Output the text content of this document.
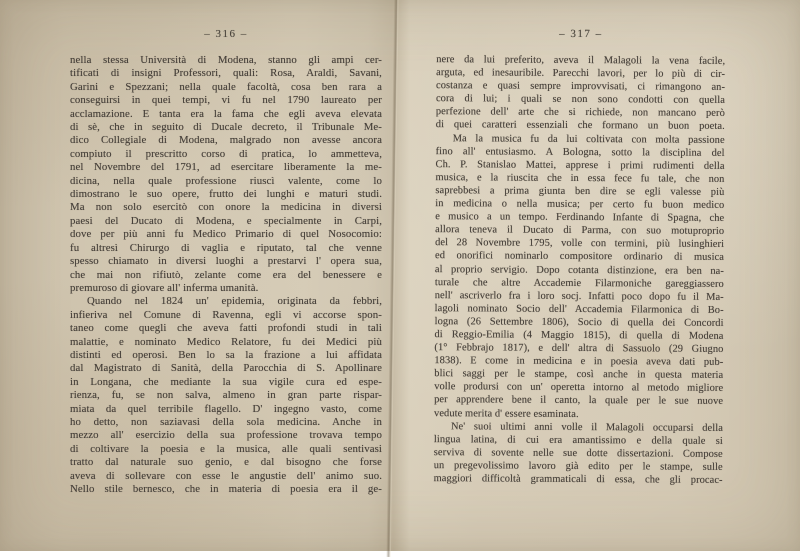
– 316 –
nella stessa Università di Modena, stanno gli ampi cer-
tificati di insigni Professori, quali: Rosa, Araldi, Savani,
Garini e Spezzani; nella quale facoltà, cosa ben rara a
conseguirsi in quei tempi, vi fu nel 1790 laureato per
acclamazione. E tanta era la fama che egli aveva elevata
di sè, che in seguito di Ducale decreto, il Tribunale Me-
dico Collegiale di Modena, malgrado non avesse ancora
compiuto il prescritto corso di pratica, lo ammetteva,
nel Novembre del 1791, ad esercitare liberamente la me-
dicina, nella quale professione riuscì valente, come lo
dimostrano le suo opere, frutto dei lunghi e maturi studi.
Ma non solo esercitò con onore la medicina in diversi
paesi del Ducato di Modena, e specialmente in Carpi,
dove per più anni fu Medico Primario di quel Nosocomio:
fu altresì Chirurgo di vaglia e riputato, tal che venne
spesso chiamato in diversi luoghi a prestarvi l' opera sua,
che mai non rifiutò, zelante come era del benessere e
premuroso di giovare all' inferma umanità.
Quando nel 1824 un' epidemia, originata da febbri,
infieriva nel Comune di Ravenna, egli vi accorse spon-
taneo come quegli che aveva fatti profondi studi in tali
malattie, e nominato Medico Relatore, fu dei Medici più
distinti ed operosi. Ben lo sa la frazione a lui affidata
dal Magistrato di Sanità, della Parocchia di S. Apollinare
in Longana, che mediante la sua vigile cura ed espe-
rienza, fu, se non salva, almeno in gran parte rispar-
miata da quel terribile flagello. D' ingegno vasto, come
ho detto, non saziavasi della sola medicina. Anche in
mezzo all' esercizio della sua professione trovava tempo
di coltivare la poesia e la musica, alle quali sentivasi
tratto dal naturale suo genio, e dal bisogno che forse
aveva di sollevare con esse le angustie dell' animo suo.
Nello stile bernesco, che in materia di poesia era il ge-
– 317 –
nere da lui preferito, aveva il Malagoli la vena facile,
arguta, ed inesauribile. Parecchi lavori, per lo più di cir-
costanza e quasi sempre improvvisati, ci rimangono an-
cora di lui; i quali se non sono condotti con quella
perfezione dell' arte che si richiede, non mancano però
di quei caratteri essenziali che formano un buon poeta.
Ma la musica fu da lui coltivata con molta passione
fino all' entusiasmo. A Bologna, sotto la disciplina del
Ch. P. Stanislao Mattei, apprese i primi rudimenti della
musica, e la riuscita che in essa fece fu tale, che non
saprebbesi a prima giunta ben dire se egli valesse più
in medicina o nella musica; per certo fu buon medico
e musico a un tempo. Ferdinando Infante di Spagna, che
allora teneva il Ducato di Parma, con suo motuproprio
del 28 Novembre 1795, volle con termini, più lusinghieri
ed onorifici nominarlo compositore ordinario di musica
al proprio servigio. Dopo cotanta distinzione, era ben na-
turale che altre Accademie Filarmoniche gareggiassero
nell' ascriverlo fra i loro socj. Infatti poco dopo fu il Ma-
lagoli nominato Socio dell' Accademia Filarmonica di Bo-
logna (26 Settembre 1806), Socio di quella dei Concordi
di Reggio-Emilia (4 Maggio 1815), di quella di Modena
(1° Febbrajo 1817), e dell' altra di Sassuolo (29 Giugno
1838). E come in medicina e in poesia aveva dati pub-
blici saggi per le stampe, così anche in questa materia
volle prodursi con un' operetta intorno al metodo migliore
per apprendere bene il canto, la quale per le sue nuove
vedute merita d' essere esaminata.
Ne' suoi ultimi anni volle il Malagoli occuparsi della
lingua latina, di cui era amantissimo e della quale si
serviva di sovente nelle sue dotte dissertazioni. Compose
un pregevolissimo lavoro già edito per le stampe, sulle
maggiori difficoltà grammaticali di essa, che gli procac-
